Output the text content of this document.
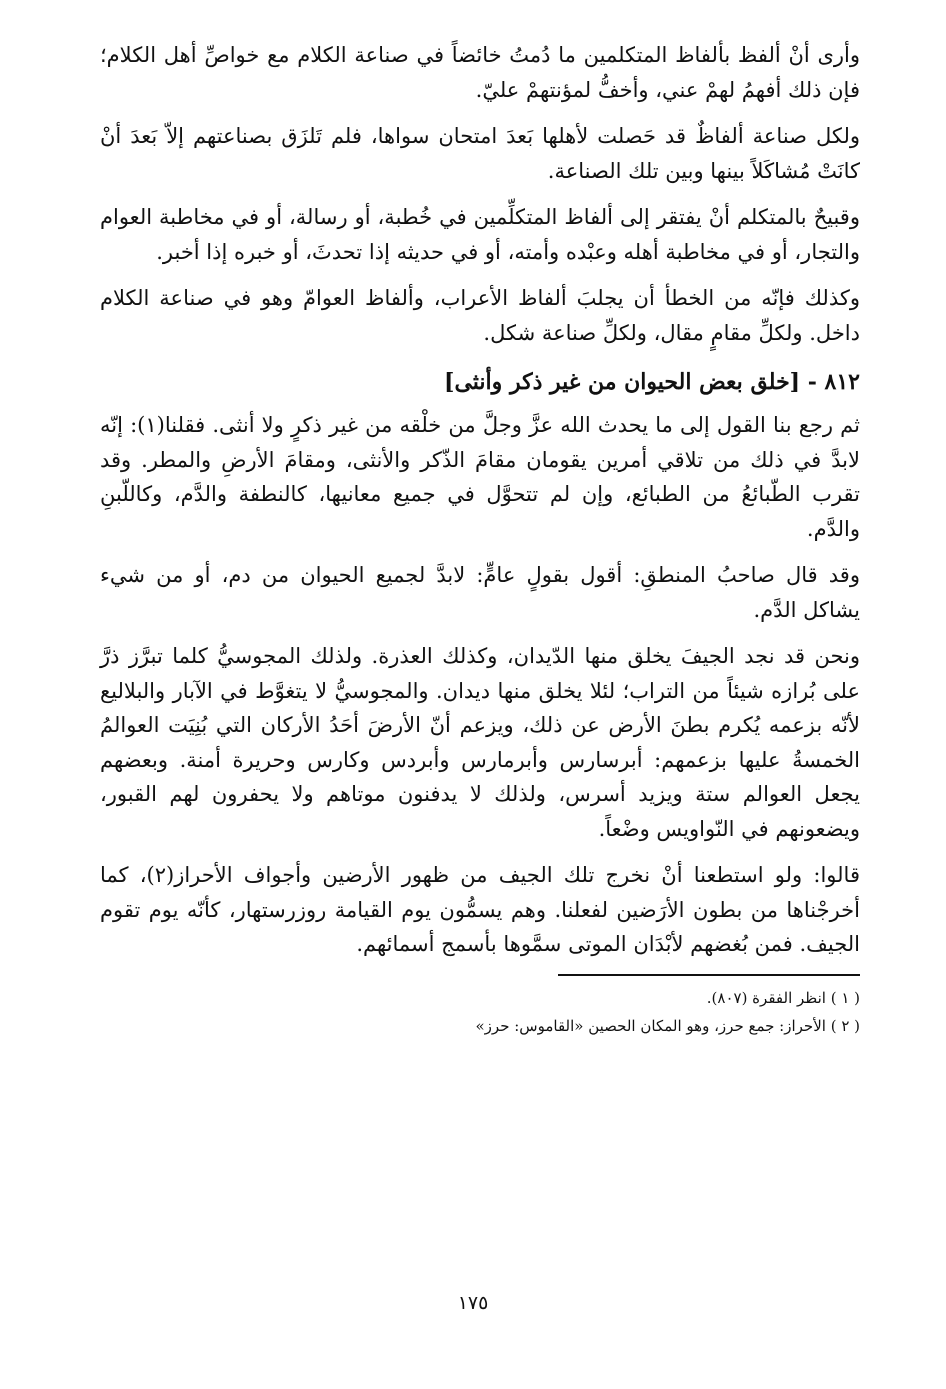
وأرى أنْ ألفظ بألفاظ المتكلمين ما دُمتُ خائضاً في صناعة الكلام مع خواصِّ أهل الكلام؛ فإن ذلك أفهمُ لهمْ عني، وأخفُّ لمؤنتهمْ عليّ.

ولكل صناعة ألفاظٌ قد حَصلت لأهلها بَعدَ امتحان سواها، فلم تَلزَق بصناعتهم إلاّ بَعدَ أنْ كانَتْ مُشاكَلاً بينها وبين تلك الصناعة.

وقبيحٌ بالمتكلم أنْ يفتقر إلى ألفاظ المتكلِّمين في خُطبة، أو رسالة، أو في مخاطبة العوام والتجار، أو في مخاطبة أهله وعبْده وأمته، أو في حديثه إذا تحدثَ، أو خبره إذا أخبر.

وكذلك فإنّه من الخطأ أن يجلبَ ألفاظ الأعراب، وألفاظ العوامّ وهو في صناعة الكلام داخل. ولكلِّ مقامٍ مقال، ولكلِّ صناعة شكل.

٨١٢ - [خلق بعض الحيوان من غير ذكر وأنثى]

ثم رجع بنا القول إلى ما يحدث الله عزَّ وجلَّ من خلْقه من غير ذكرٍ ولا أنثى. فقلنا(١): إنّه لابدَّ في ذلك من تلاقي أمرين يقومان مقامَ الذّكر والأنثى، ومقامَ الأرضِ والمطر. وقد تقرب الطّبائعُ من الطبائع، وإن لم تتحوَّل في جميع معانيها، كالنطفة والدَّم، وكاللّبنِ والدَّم.

وقد قال صاحبُ المنطقِ: أقول بقولٍ عامٍّ: لابدَّ لجميع الحيوان من دم، أو من شيء يشاكل الدَّم.

ونحن قد نجد الجيفَ يخلق منها الدّيدان، وكذلك العذرة. ولذلك المجوسيُّ كلما تبرَّز ذرَّ على بُرازه شيئاً من التراب؛ لئلا يخلق منها ديدان. والمجوسيُّ لا يتغوَّط في الآبار والبلاليع لأنّه بزعمه يُكرم بطنَ الأرض عن ذلك، ويزعم أنّ الأرضَ أحَدُ الأركان التي بُنِيَت العوالمُ الخمسةُ عليها بزعمهم: أبرسارس وأبرمارس وأبردس وكارس وحريرة أمنة. وبعضهم يجعل العوالم ستة ويزيد أسرس، ولذلك لا يدفنون موتاهم ولا يحفرون لهم القبور، ويضعونهم في النّواويس وضْعاً.

قالوا: ولو استطعنا أنْ نخرج تلك الجيف من ظهور الأرضين وأجواف الأحراز(٢)، كما أخرجْناها من بطون الأرَضين لفعلنا. وهم يسمُّون يوم القيامة روزرستهار، كأنّه يوم تقوم الجيف. فمن بُغضهم لأبْدَان الموتى سمَّوها بأسمج أسمائهم.

( ١ ) انظر الفقرة (٨٠٧).

( ٢ ) الأحراز: جمع حرز، وهو المكان الحصين «القاموس: حرز»

١٧٥
